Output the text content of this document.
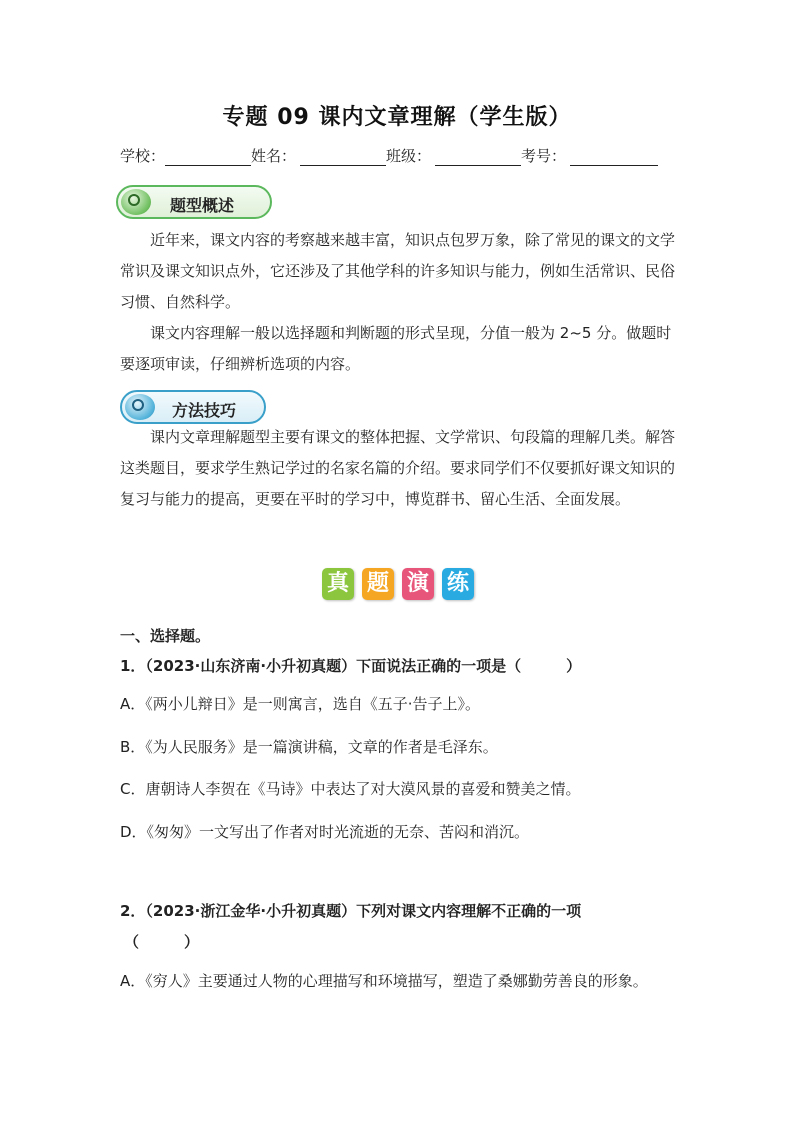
专题 09 课内文章理解（学生版）
学校：	姓名：	班级：	考号：
题型概述

近年来，课文内容的考察越来越丰富，知识点包罗万象，除了常见的课文的文学常识及课文知识点外，它还涉及了其他学科的许多知识与能力，例如生活常识、民俗习惯、自然科学。

课文内容理解一般以选择题和判断题的形式呈现，分值一般为 2~5 分。做题时要逐项审读，仔细辨析选项的内容。

方法技巧

课内文章理解题型主要有课文的整体把握、文学常识、句段篇的理解几类。解答这类题目，要求学生熟记学过的名家名篇的介绍。要求同学们不仅要抓好课文知识的复习与能力的提高，更要在平时的学习中，博览群书、留心生活、全面发展。

真 题 演 练
一、选择题。
1．（2023·山东济南·小升初真题）下面说法正确的一项是（　　　）
A．《两小儿辩日》是一则寓言，选自《五子·告子上》。
B．《为人民服务》是一篇演讲稿，文章的作者是毛泽东。
C．唐朝诗人李贺在《马诗》中表达了对大漠风景的喜爱和赞美之情。
D．《匆匆》一文写出了作者对时光流逝的无奈、苦闷和消沉。
2．（2023·浙江金华·小升初真题）下列对课文内容理解不正确的一项
（　　　）
A．《穷人》主要通过人物的心理描写和环境描写，塑造了桑娜勤劳善良的形象。
